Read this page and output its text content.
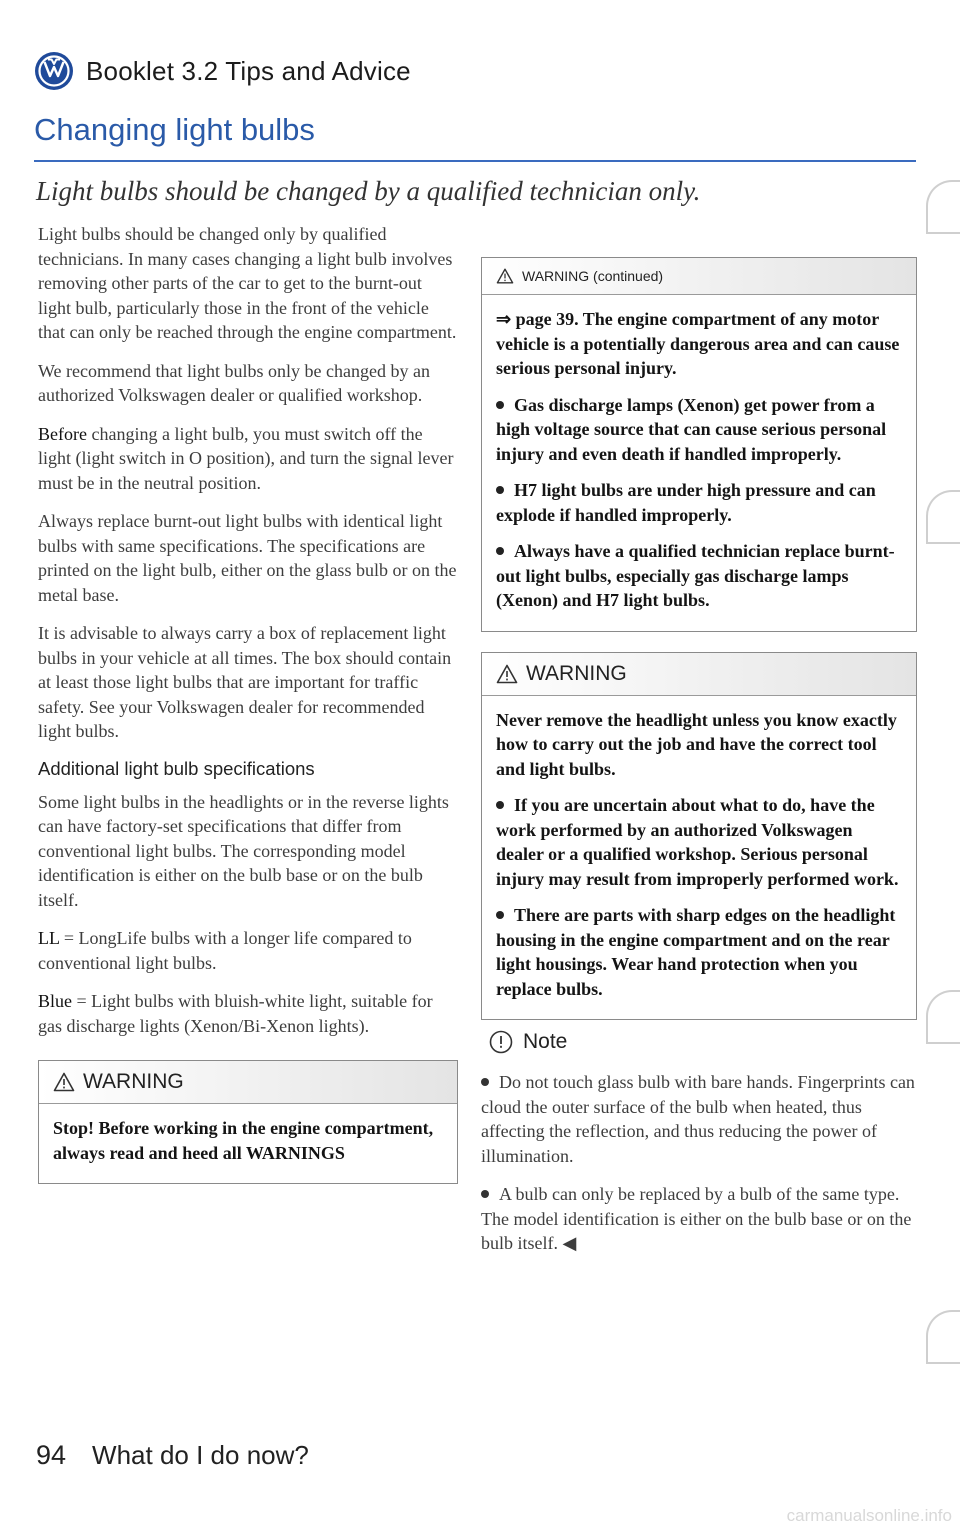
Booklet 3.2 Tips and Advice
Changing light bulbs
Light bulbs should be changed by a qualified technician only.

Light bulbs should be changed only by qualified technicians. In many cases changing a light bulb involves removing other parts of the car to get to the burnt-out light bulb, particularly those in the front of the vehicle that can only be reached through the engine compartment.

We recommend that light bulbs only be changed by an authorized Volkswagen dealer or qualified workshop.

Before changing a light bulb, you must switch off the light (light switch in O position), and turn the signal lever must be in the neutral position.

Always replace burnt-out light bulbs with identical light bulbs with same specifications. The specifications are printed on the light bulb, either on the glass bulb or on the metal base.

It is advisable to always carry a box of replacement light bulbs in your vehicle at all times. The box should contain at least those light bulbs that are important for traffic safety. See your Volkswagen dealer for recommended light bulbs.

Additional light bulb specifications

Some light bulbs in the headlights or in the reverse lights can have factory-set specifications that differ from conventional light bulbs. The corresponding model identification is either on the bulb base or on the bulb itself.

LL = LongLife bulbs with a longer life compared to conventional light bulbs.

Blue = Light bulbs with bluish-white light, suitable for gas discharge lights (Xenon/Bi-Xenon lights).

WARNING

Stop! Before working in the engine compartment, always read and heed all WARNINGS

WARNING (continued)

⇒ page 39. The engine compartment of any motor vehicle is a potentially dangerous area and can cause serious personal injury.

Gas discharge lamps (Xenon) get power from a high voltage source that can cause serious personal injury and even death if handled improperly.

H7 light bulbs are under high pressure and can explode if handled improperly.

Always have a qualified technician replace burnt-out light bulbs, especially gas discharge lamps (Xenon) and H7 light bulbs.

WARNING

Never remove the headlight unless you know exactly how to carry out the job and have the correct tool and light bulbs.

If you are uncertain about what to do, have the work performed by an authorized Volkswagen dealer or a qualified workshop. Serious personal injury may result from improperly performed work.

There are parts with sharp edges on the headlight housing in the engine compartment and on the rear light housings. Wear hand protection when you replace bulbs.

Note

Do not touch glass bulb with bare hands. Fingerprints can cloud the outer surface of the bulb when heated, thus affecting the reflection, and thus reducing the power of illumination.

A bulb can only be replaced by a bulb of the same type. The model identification is either on the bulb base or on the bulb itself. ◀

94 What do I do now?
carmanualsonline.info
